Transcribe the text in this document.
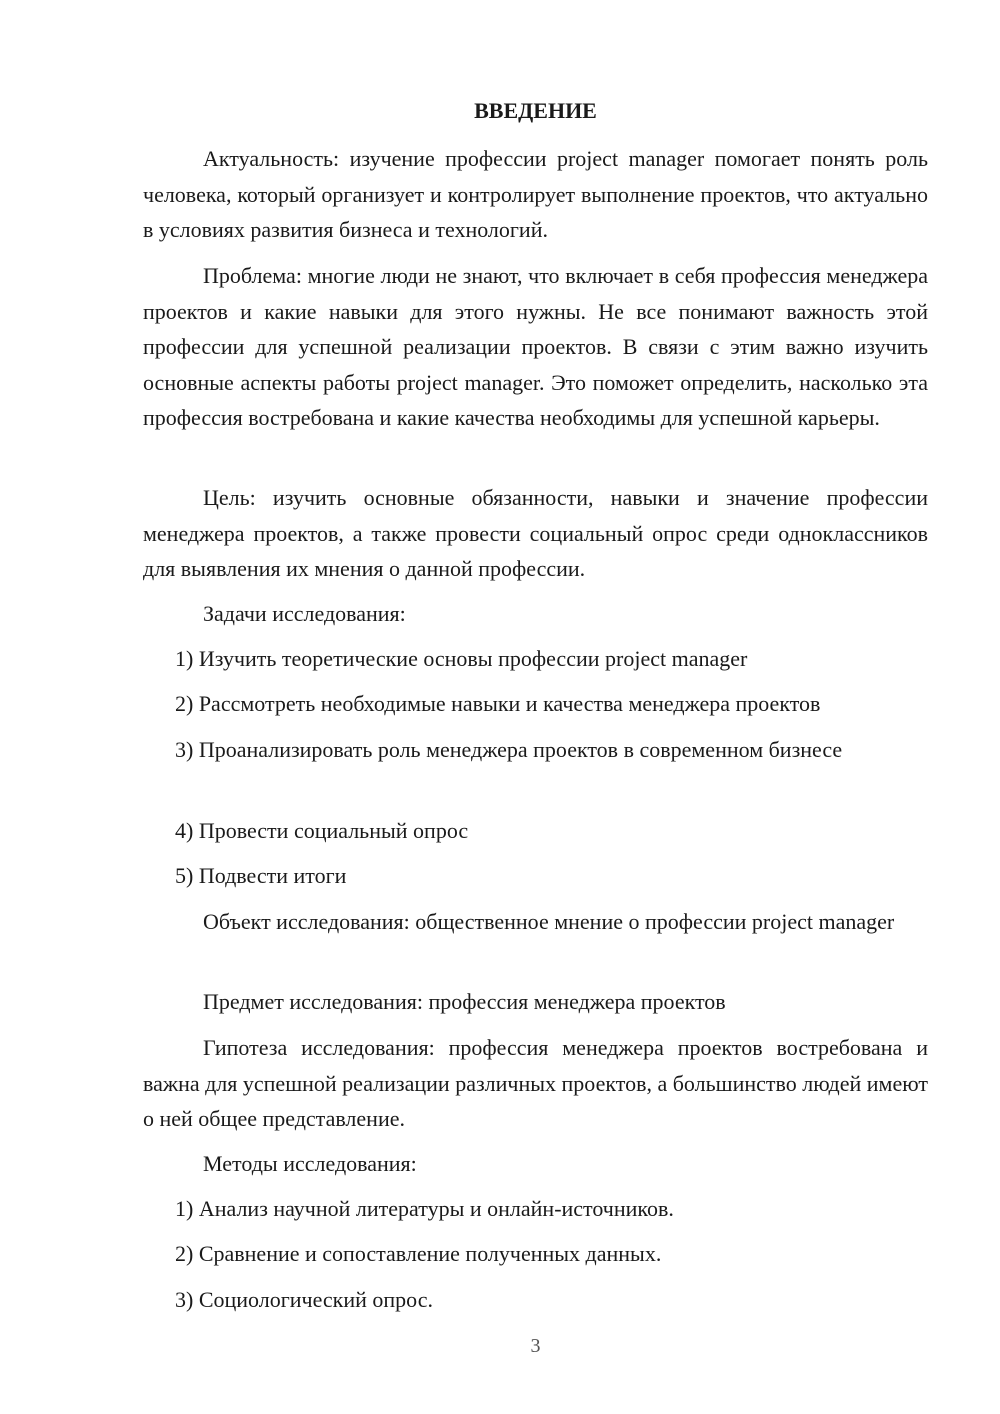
ВВЕДЕНИЕ

Актуальность: изучение профессии project manager помогает понять роль человека, который организует и контролирует выполнение проектов, что актуально в условиях развития бизнеса и технологий.

Проблема: многие люди не знают, что включает в себя профессия менеджера проектов и какие навыки для этого нужны. Не все понимают важность этой профессии для успешной реализации проектов. В связи с этим важно изучить основные аспекты работы project manager. Это поможет определить, насколько эта профессия востребована и какие качества необходимы для успешной карьеры.

Цель: изучить основные обязанности, навыки и значение профессии менеджера проектов, а также провести социальный опрос среди одноклассников для выявления их мнения о данной профессии.

Задачи исследования:

1) Изучить теоретические основы профессии project manager

2) Рассмотреть необходимые навыки и качества менеджера проектов

3) Проанализировать роль менеджера проектов в современном бизнесе

4) Провести социальный опрос

5) Подвести итоги

Объект исследования: общественное мнение о профессии project manager

Предмет исследования: профессия менеджера проектов

Гипотеза исследования: профессия менеджера проектов востребована и важна для успешной реализации различных проектов, а большинство людей имеют о ней общее представление.

Методы исследования:

1) Анализ научной литературы и онлайн-источников.

2) Сравнение и сопоставление полученных данных.

3) Социологический опрос.

3
